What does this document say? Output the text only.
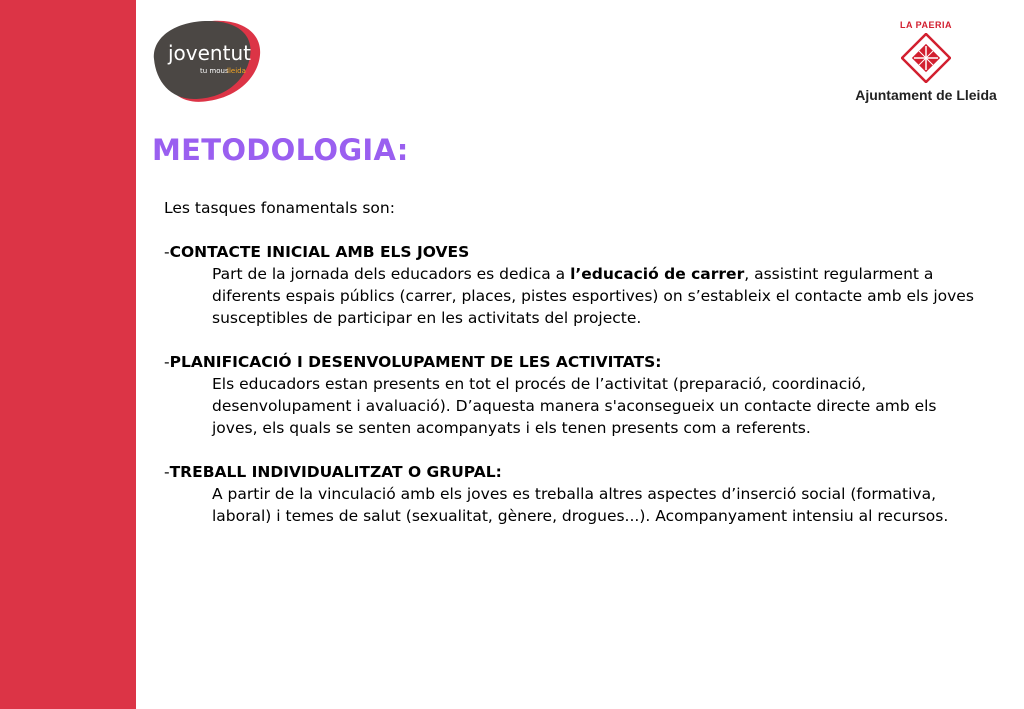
joventut
tu mous
lleida
LA PAERIA
Ajuntament de Lleida
METODOLOGIA:

Les tasques fonamentals son:

-CONTACTE INICIAL AMB ELS JOVES

Part de la jornada dels educadors es dedica a l’educació de carrer, assistint regularment a diferents espais públics (carrer, places, pistes esportives) on s’estableix el contacte amb els joves susceptibles de participar en les activitats del projecte.

-PLANIFICACIÓ I DESENVOLUPAMENT DE LES ACTIVITATS:

Els educadors estan presents en tot el procés de l’activitat (preparació, coordinació, desenvolupament i avaluació). D’aquesta manera s'aconsegueix un contacte directe amb els joves, els quals se senten acompanyats i els tenen presents com a referents.

-TREBALL INDIVIDUALITZAT O GRUPAL:

A partir de la vinculació amb els joves es treballa altres aspectes d’inserció social (formativa, laboral) i temes de salut (sexualitat, gènere, drogues...). Acompanyament intensiu al recursos.
